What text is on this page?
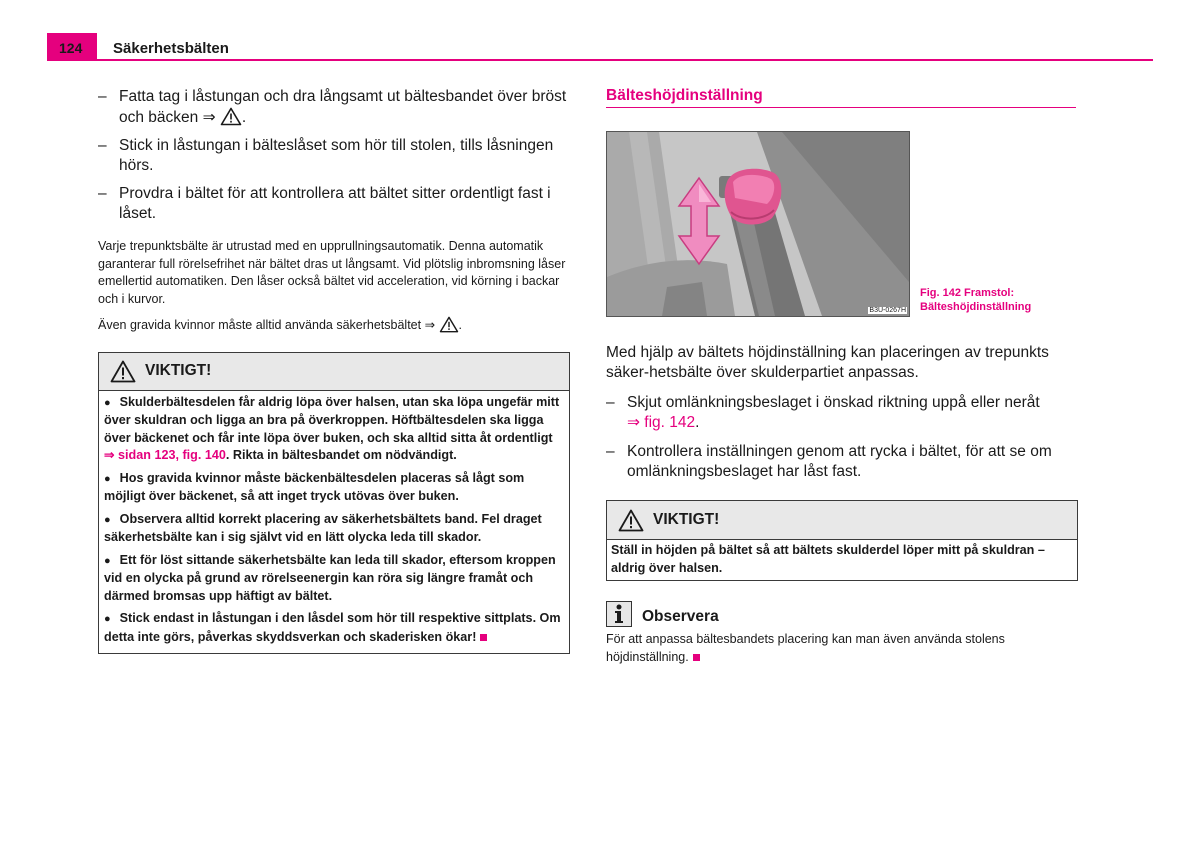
124 Säkerhetsbälten
– Fatta tag i låstungan och dra långsamt ut bältesbandet över bröst och bäcken ⇒ .
– Stick in låstungan i bälteslåset som hör till stolen, tills låsningen hörs.
– Provdra i bältet för att kontrollera att bältet sitter ordentligt fast i låset.

Varje trepunktsbälte är utrustad med en upprullningsautomatik. Denna automatik garanterar full rörelsefrihet när bältet dras ut långsamt. Vid plötslig inbromsning låser emellertid automatiken. Den låser också bältet vid acceleration, vid körning i backar och i kurvor.

Även gravida kvinnor måste alltid använda säkerhetsbältet ⇒ .

VIKTIGT!

● Skulderbältesdelen får aldrig löpa över halsen, utan ska löpa ungefär mitt över skuldran och ligga an bra på överkroppen. Höftbältesdelen ska ligga över bäckenet och får inte löpa över buken, och ska alltid sitta åt ordentligt ⇒ sidan 123, fig. 140. Rikta in bältesbandet om nödvändigt.

● Hos gravida kvinnor måste bäckenbältesdelen placeras så lågt som möjligt över bäckenet, så att inget tryck utövas över buken.

● Observera alltid korrekt placering av säkerhetsbältets band. Fel draget säkerhetsbälte kan i sig självt vid en lätt olycka leda till skador.

● Ett för löst sittande säkerhetsbälte kan leda till skador, eftersom kroppen vid en olycka på grund av rörelseenergin kan röra sig längre framåt och därmed bromsas upp häftigt av bältet.

● Stick endast in låstungan i den låsdel som hör till respektive sittplats. Om detta inte görs, påverkas skyddsverkan och skaderisken ökar!

Bälteshöjdinställning
B3U-0267H
Fig. 142 Framstol:
Bälteshöjdinställning

Med hjälp av bältets höjdinställning kan placeringen av trepunkts säker-hetsbälte över skulderpartiet anpassas.

– Skjut omlänkningsbeslaget i önskad riktning uppå eller neråt
⇒ fig. 142.
– Kontrollera inställningen genom att rycka i bältet, för att se om omlänkningsbeslaget har låst fast.
VIKTIGT!
Ställ in höjden på bältet så att bältets skulderdel löper mitt på skuldran – aldrig över halsen.
Observera
För att anpassa bältesbandets placering kan man även använda stolens höjdinställning.
